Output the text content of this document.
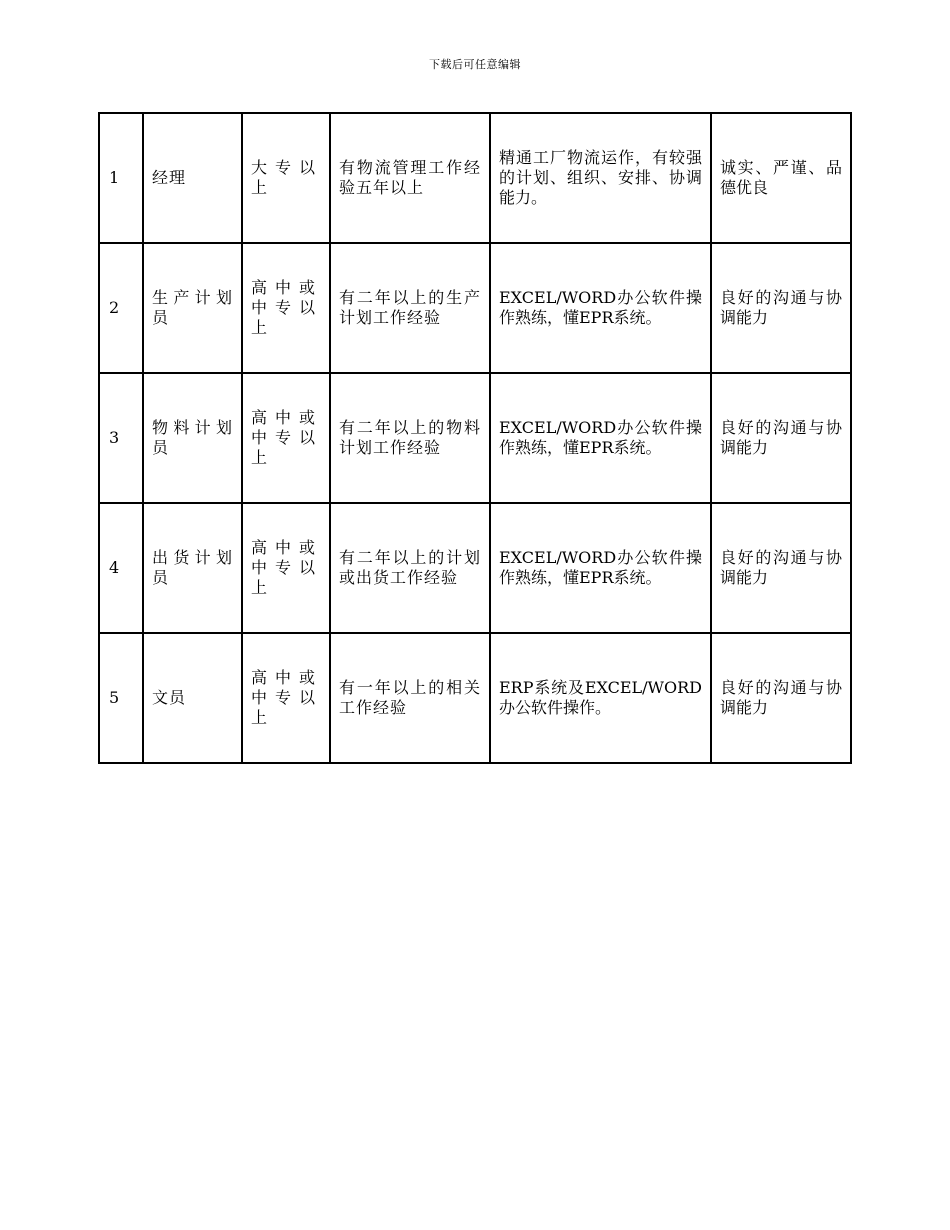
下载后可任意编辑
1	经理	大专以上	有物流管理工作经验五年以上	精通工厂物流运作，有较强的计划、组织、安排、协调能力。	诚实、严谨、品德优良
2	生产计划员	高中或中专以上	有二年以上的生产计划工作经验	EXCEL/WORD办公软件操作熟练，懂EPR系统。	良好的沟通与协调能力
3	物料计划员	高中或中专以上	有二年以上的物料计划工作经验	EXCEL/WORD办公软件操作熟练，懂EPR系统。	良好的沟通与协调能力
4	出货计划员	高中或中专以上	有二年以上的计划或出货工作经验	EXCEL/WORD办公软件操作熟练，懂EPR系统。	良好的沟通与协调能力
5	文员	高中或中专以上	有一年以上的相关工作经验	ERP系统及EXCEL/WORD办公软件操作。	良好的沟通与协调能力
